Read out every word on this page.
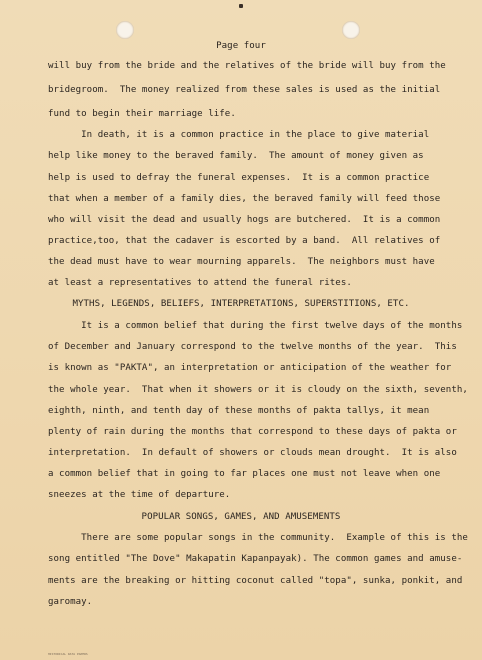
Page four
will buy from the bride and the relatives of the bride will buy from the
bridegroom.  The money realized from these sales is used as the initial
fund to begin their marriage life.
In death, it is a common practice in the place to give material
help like money to the beraved family.  The amount of money given as
help is used to defray the funeral expenses.  It is a common practice
that when a member of a family dies, the beraved family will feed those
who will visit the dead and usually hogs are butchered.  It is a common
practice,too, that the cadaver is escorted by a band.  All relatives of
the dead must have to wear mourning apparels.  The neighbors must have
at least a representatives to attend the funeral rites.
MYTHS, LEGENDS, BELIEFS, INTERPRETATIONS, SUPERSTITIONS, ETC.
It is a common belief that during the first twelve days of the months
of December and January correspond to the twelve months of the year.  This
is known as "PAKTA", an interpretation or anticipation of the weather for
the whole year.  That when it showers or it is cloudy on the sixth, seventh,
eighth, ninth, and tenth day of these months of pakta tallys, it mean
plenty of rain during the months that correspond to these days of pakta or
interpretation.  In default of showers or clouds mean drought.  It is also
a common belief that in going to far places one must not leave when one
sneezes at the time of departure.
POPULAR SONGS, GAMES, AND AMUSEMENTS
There are some popular songs in the community.  Example of this is the
song entitled "The Dove" Makapatin Kapanpayak). The common games and amuse-
ments are the breaking or hitting coconut called "topa", sunka, ponkit, and
garomay.
HISTORICAL DATA PAPERS
